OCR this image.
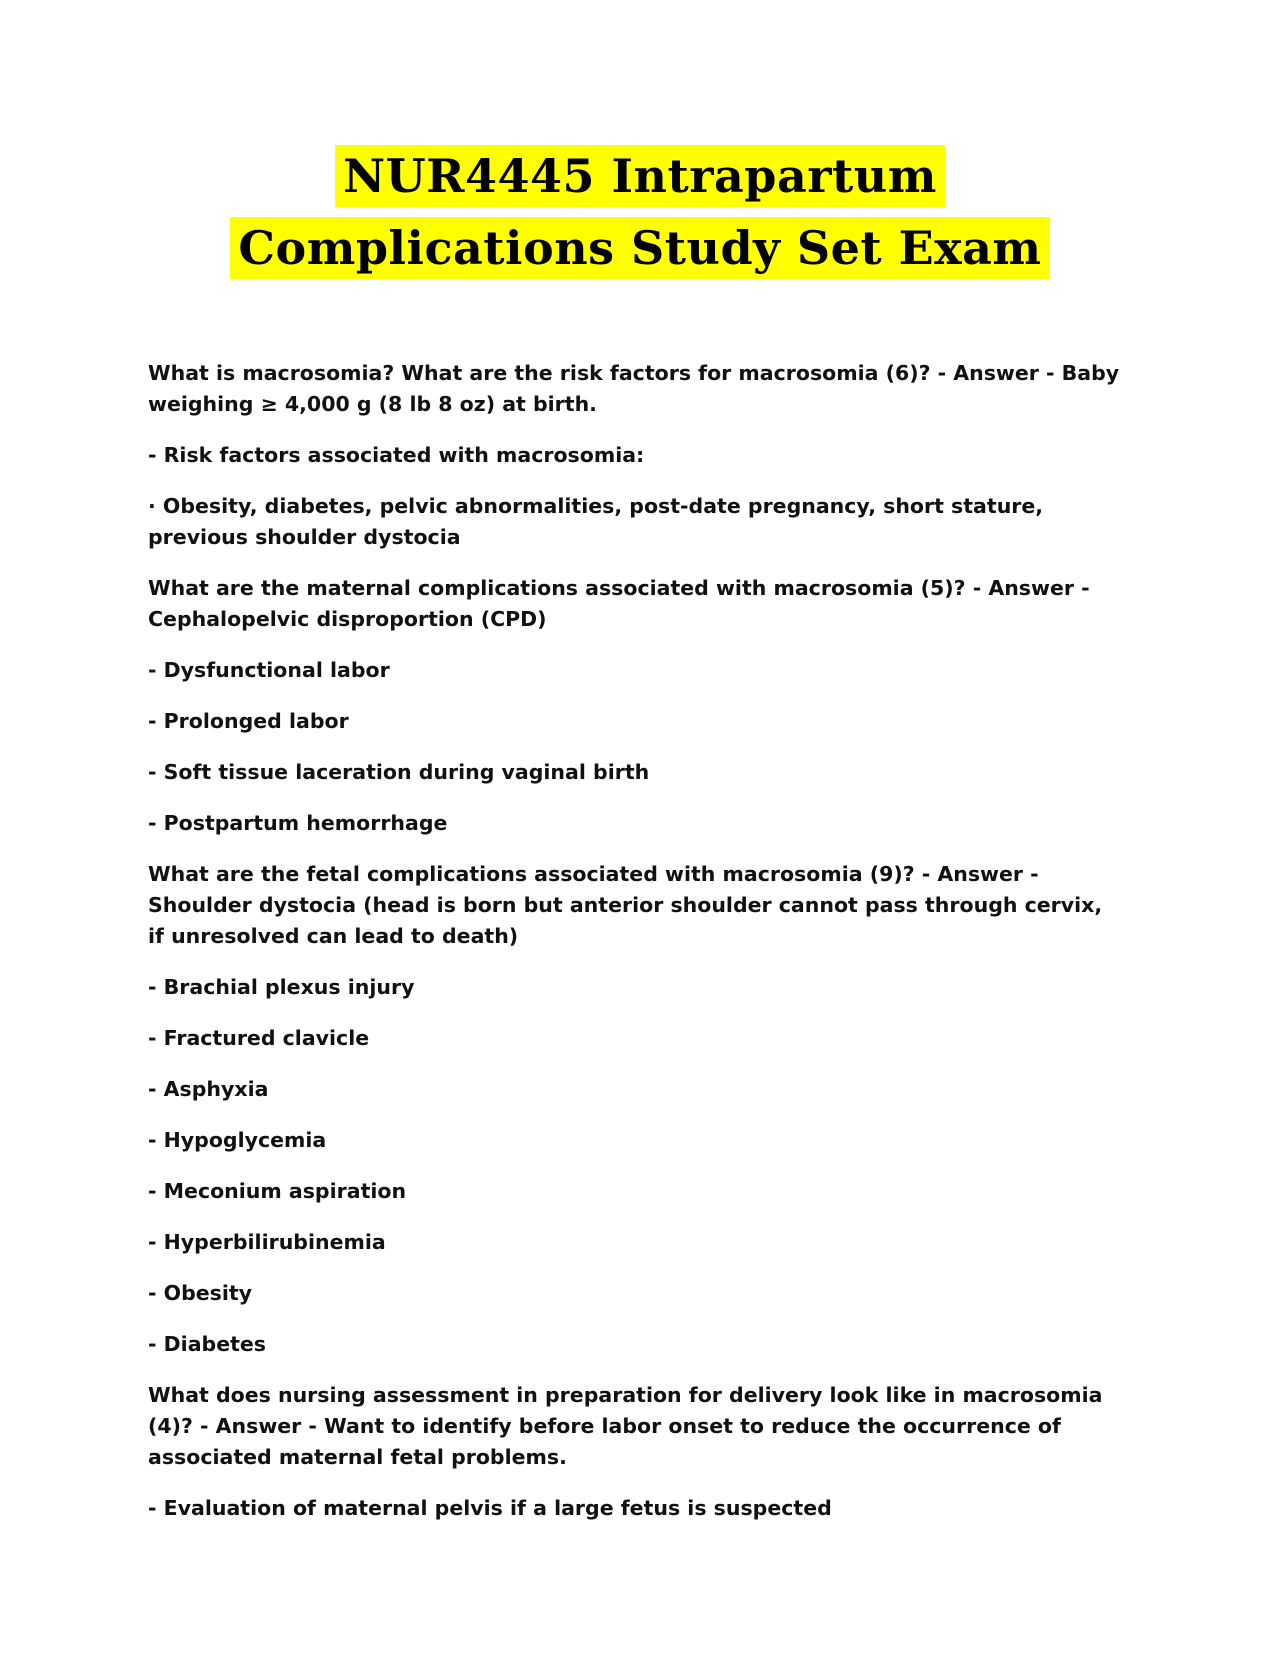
NUR4445 Intrapartum
Complications Study Set Exam

What is macrosomia? What are the risk factors for macrosomia (6)? - Answer - Baby weighing ≥ 4,000 g (8 lb 8 oz) at birth.

- Risk factors associated with macrosomia:

· Obesity, diabetes, pelvic abnormalities, post-date pregnancy, short stature, previous shoulder dystocia

What are the maternal complications associated with macrosomia (5)? - Answer - Cephalopelvic disproportion (CPD)

- Dysfunctional labor

- Prolonged labor

- Soft tissue laceration during vaginal birth

- Postpartum hemorrhage

What are the fetal complications associated with macrosomia (9)? - Answer - Shoulder dystocia (head is born but anterior shoulder cannot pass through cervix, if unresolved can lead to death)

- Brachial plexus injury

- Fractured clavicle

- Asphyxia

- Hypoglycemia

- Meconium aspiration

- Hyperbilirubinemia

- Obesity

- Diabetes

What does nursing assessment in preparation for delivery look like in macrosomia (4)? - Answer - Want to identify before labor onset to reduce the occurrence of associated maternal fetal problems.

- Evaluation of maternal pelvis if a large fetus is suspected
